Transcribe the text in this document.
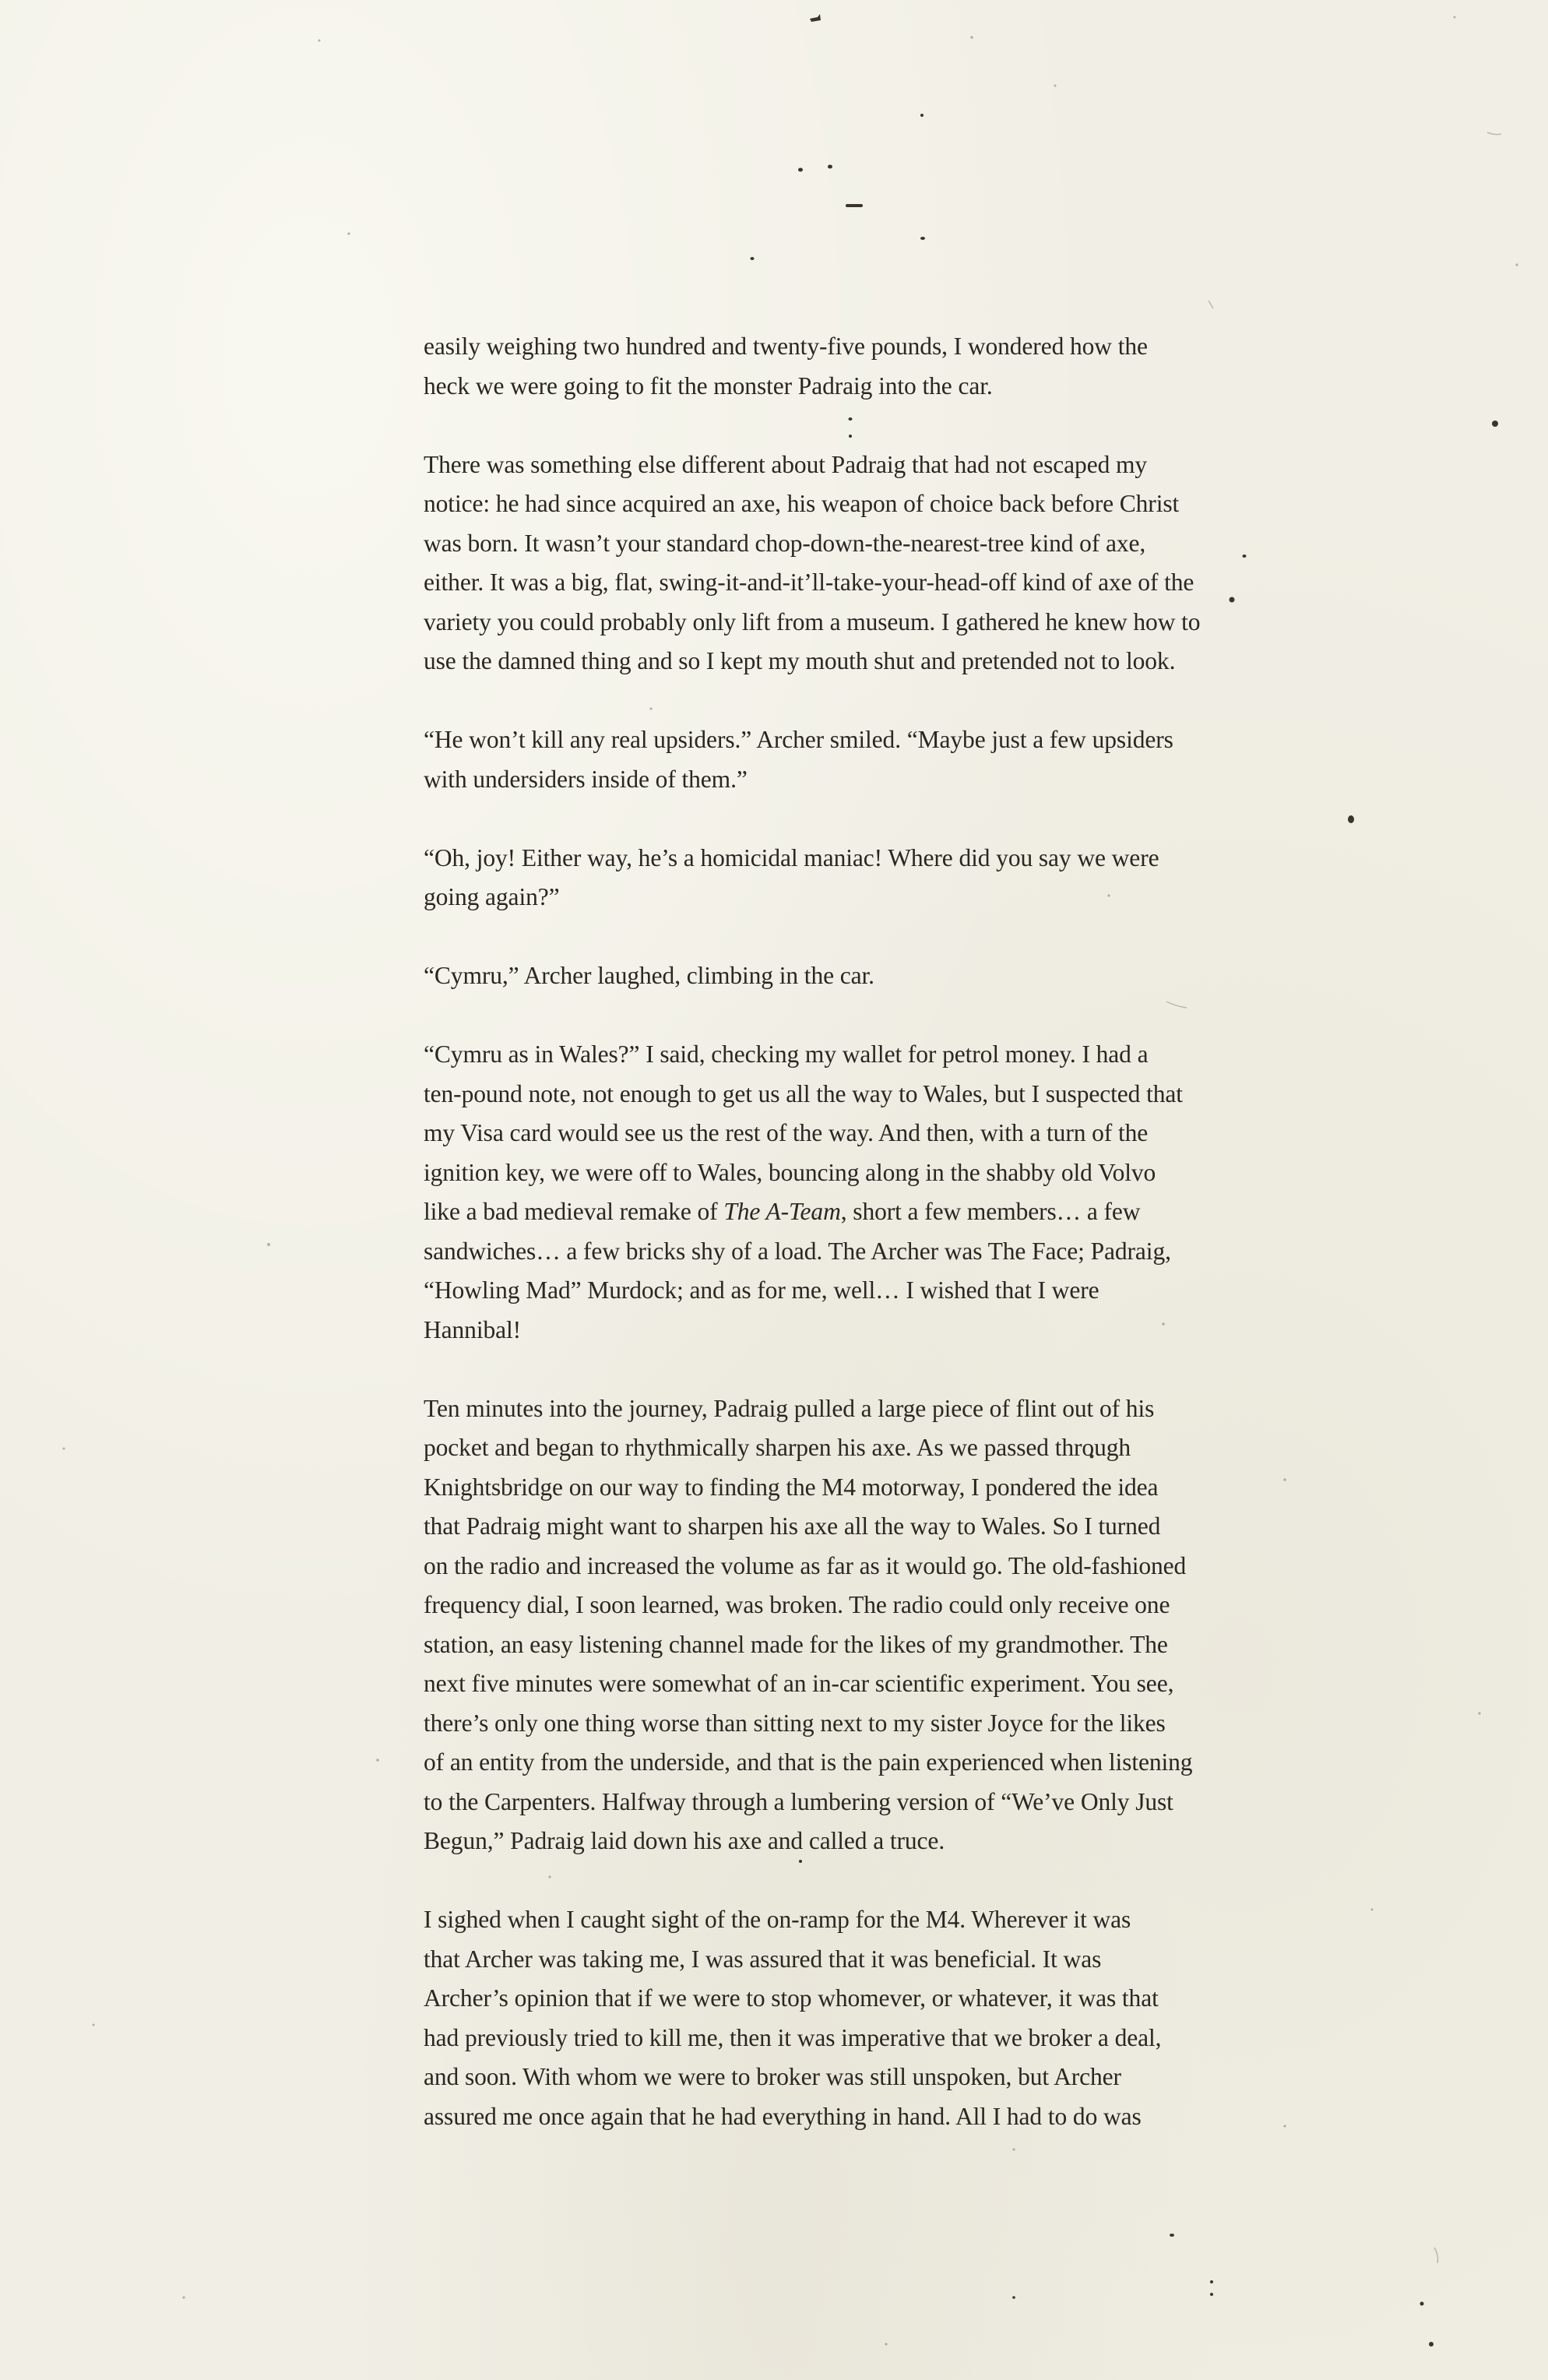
easily weighing two hundred and twenty-five pounds, I wondered how the
heck we were going to fit the monster Padraig into the car.

There was something else different about Padraig that had not escaped my
notice: he had since acquired an axe, his weapon of choice back before Christ
was born. It wasn’t your standard chop-down-the-nearest-tree kind of axe,
either. It was a big, flat, swing-it-and-it’ll-take-your-head-off kind of axe of the
variety you could probably only lift from a museum. I gathered he knew how to
use the damned thing and so I kept my mouth shut and pretended not to look.

“He won’t kill any real upsiders.” Archer smiled. “Maybe just a few upsiders
with undersiders inside of them.”

“Oh, joy! Either way, he’s a homicidal maniac! Where did you say we were
going again?”

“Cymru,” Archer laughed, climbing in the car.

“Cymru as in Wales?” I said, checking my wallet for petrol money. I had a
ten-pound note, not enough to get us all the way to Wales, but I suspected that
my Visa card would see us the rest of the way. And then, with a turn of the
ignition key, we were off to Wales, bouncing along in the shabby old Volvo
like a bad medieval remake of The A-Team, short a few members… a few
sandwiches… a few bricks shy of a load. The Archer was The Face; Padraig,
“Howling Mad” Murdock; and as for me, well… I wished that I were
Hannibal!

Ten minutes into the journey, Padraig pulled a large piece of flint out of his
pocket and began to rhythmically sharpen his axe. As we passed through
Knightsbridge on our way to finding the M4 motorway, I pondered the idea
that Padraig might want to sharpen his axe all the way to Wales. So I turned
on the radio and increased the volume as far as it would go. The old-fashioned
frequency dial, I soon learned, was broken. The radio could only receive one
station, an easy listening channel made for the likes of my grandmother. The
next five minutes were somewhat of an in-car scientific experiment. You see,
there’s only one thing worse than sitting next to my sister Joyce for the likes
of an entity from the underside, and that is the pain experienced when listening
to the Carpenters. Halfway through a lumbering version of “We’ve Only Just
Begun,” Padraig laid down his axe and called a truce.

I sighed when I caught sight of the on-ramp for the M4. Wherever it was
that Archer was taking me, I was assured that it was beneficial. It was
Archer’s opinion that if we were to stop whomever, or whatever, it was that
had previously tried to kill me, then it was imperative that we broker a deal,
and soon. With whom we were to broker was still unspoken, but Archer
assured me once again that he had everything in hand. All I had to do was
